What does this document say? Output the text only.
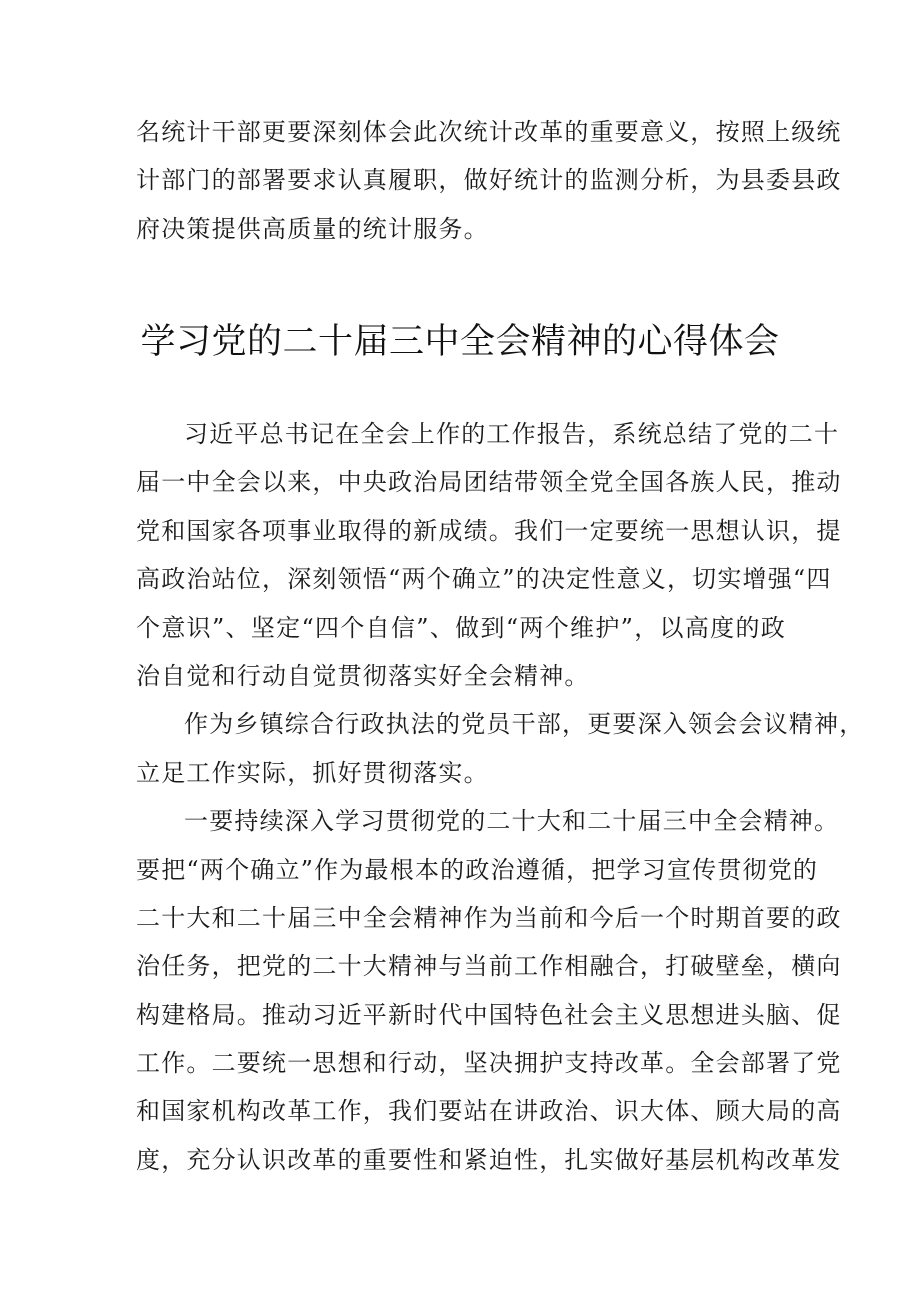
名统计干部更要深刻体会此次统计改革的重要意义，按照上级统
计部门的部署要求认真履职，做好统计的监测分析，为县委县政
府决策提供高质量的统计服务。
学习党的二十届三中全会精神的心得体会
习近平总书记在全会上作的工作报告，系统总结了党的二十
届一中全会以来，中央政治局团结带领全党全国各族人民，推动
党和国家各项事业取得的新成绩。我们一定要统一思想认识，提
高政治站位，深刻领悟“两个确立”的决定性意义，切实增强“四
个意识”、坚定“四个自信”、做到“两个维护”，以高度的政
治自觉和行动自觉贯彻落实好全会精神。
作为乡镇综合行政执法的党员干部，更要深入领会会议精神，
立足工作实际，抓好贯彻落实。
一要持续深入学习贯彻党的二十大和二十届三中全会精神。
要把“两个确立”作为最根本的政治遵循，把学习宣传贯彻党的
二十大和二十届三中全会精神作为当前和今后一个时期首要的政
治任务，把党的二十大精神与当前工作相融合，打破壁垒，横向
构建格局。推动习近平新时代中国特色社会主义思想进头脑、促
工作。二要统一思想和行动，坚决拥护支持改革。全会部署了党
和国家机构改革工作，我们要站在讲政治、识大体、顾大局的高
度，充分认识改革的重要性和紧迫性，扎实做好基层机构改革发
